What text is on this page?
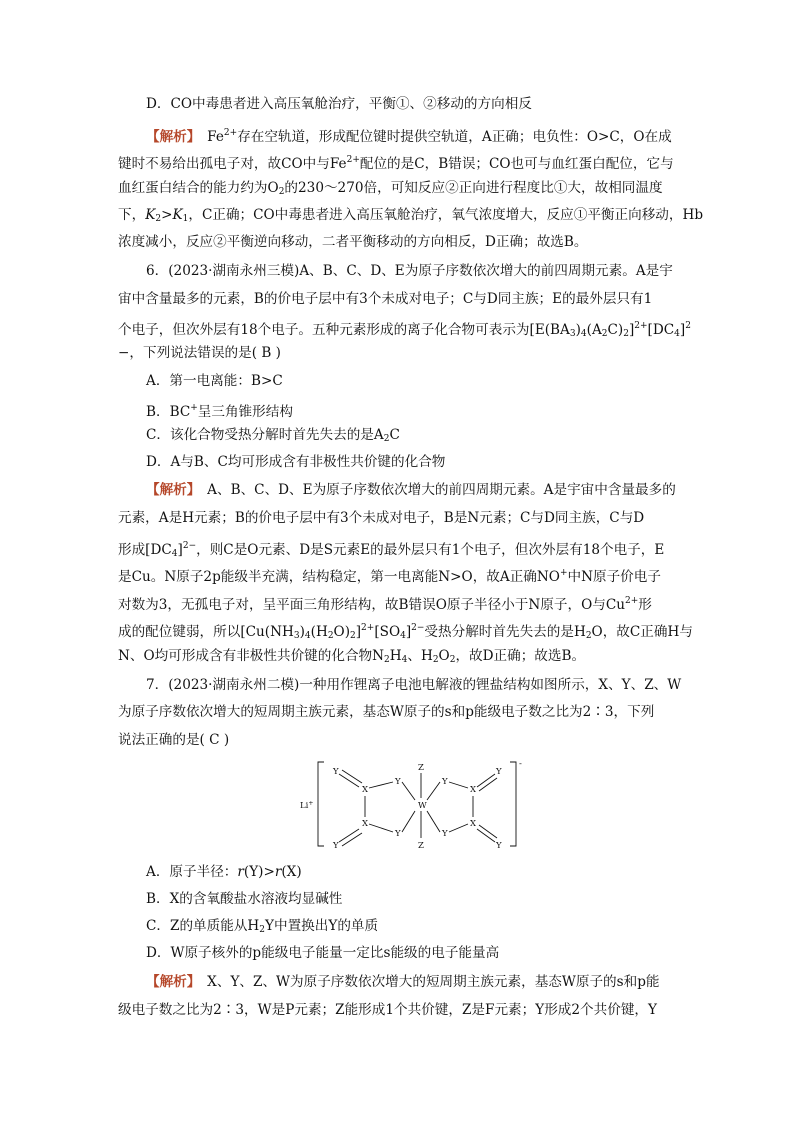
D．CO中毒患者进入高压氧舱治疗，平衡①、②移动的方向相反
【解析】　$Fe^{2+}$存在空轨道，形成配位键时提供空轨道，A正确；电负性：O>C，O在成
键时不易给出孤电子对，故CO中与$Fe^{2+}$配位的是C，B错误；CO也可与血红蛋白配位，它与
血红蛋白结合的能力约为$O_2$的230～270倍，可知反应②正向进行程度比①大，故相同温度
下，$K_2>K_1$，C正确；CO中毒患者进入高压氧舱治疗，氧气浓度增大，反应①平衡正向移动，Hb
浓度减小，反应②平衡逆向移动，二者平衡移动的方向相反，D正确；故选B。
6．(2023·湖南永州三模)A、B、C、D、E为原子序数依次增大的前四周期元素。A是宇
宙中含量最多的元素，B的价电子层中有3个未成对电子；C与D同主族；E的最外层只有1
个电子，但次外层有18个电子。五种元素形成的离子化合物可表示为$[E(BA_3)_4(A_2C)_2]^{2+}[DC_4]^2$
−，下列说法错误的是( B )
A．第一电离能：B>C
B．BC+呈三角锥形结构
C．该化合物受热分解时首先失去的是$A_2C$
D．A与B、C均可形成含有非极性共价键的化合物
【解析】　A、B、C、D、E为原子序数依次增大的前四周期元素。A是宇宙中含量最多的
元素，A是H元素；B的价电子层中有3个未成对电子，B是N元素；C与D同主族，C与D
形成$[DC_4]^{2-}$，则C是O元素、D是S元素E的最外层只有1个电子，但次外层有18个电子，E
是Cu。N原子2p能级半充满，结构稳定，第一电离能N>O，故A正确NO+中N原子价电子
对数为3，无孤电子对，呈平面三角形结构，故B错误O原子半径小于N原子，O与$Cu^{2+}$形
成的配位键弱，所以$[Cu(NH_3)_4(H_2O)_2]^{2+}[SO_4]^{2-}$受热分解时首先失去的是$H_2O$，故C正确H与
N、O均可形成含有非极性共价键的化合物$N_2H_4$、$H_2O_2$，故D正确；故选B。
7．(2023·湖南永州二模)一种用作锂离子电池电解液的锂盐结构如图所示，X、Y、Z、W
为原子序数依次增大的短周期主族元素，基态W原子的s和p能级电子数之比为2∶3，下列
说法正确的是( C )
Li+
-
Y
X
Y
X
Y
Y
Z
W
Z
Y
X
Y
Y
X
Y
A．原子半径：r(Y)>r(X)
B．X的含氧酸盐水溶液均显碱性
C．Z的单质能从$H_2Y$中置换出Y的单质
D．W原子核外的p能级电子能量一定比s能级的电子能量高
【解析】　X、Y、Z、W为原子序数依次增大的短周期主族元素，基态W原子的s和p能
级电子数之比为2∶3，W是P元素；Z能形成1个共价键，Z是F元素；Y形成2个共价键，Y
